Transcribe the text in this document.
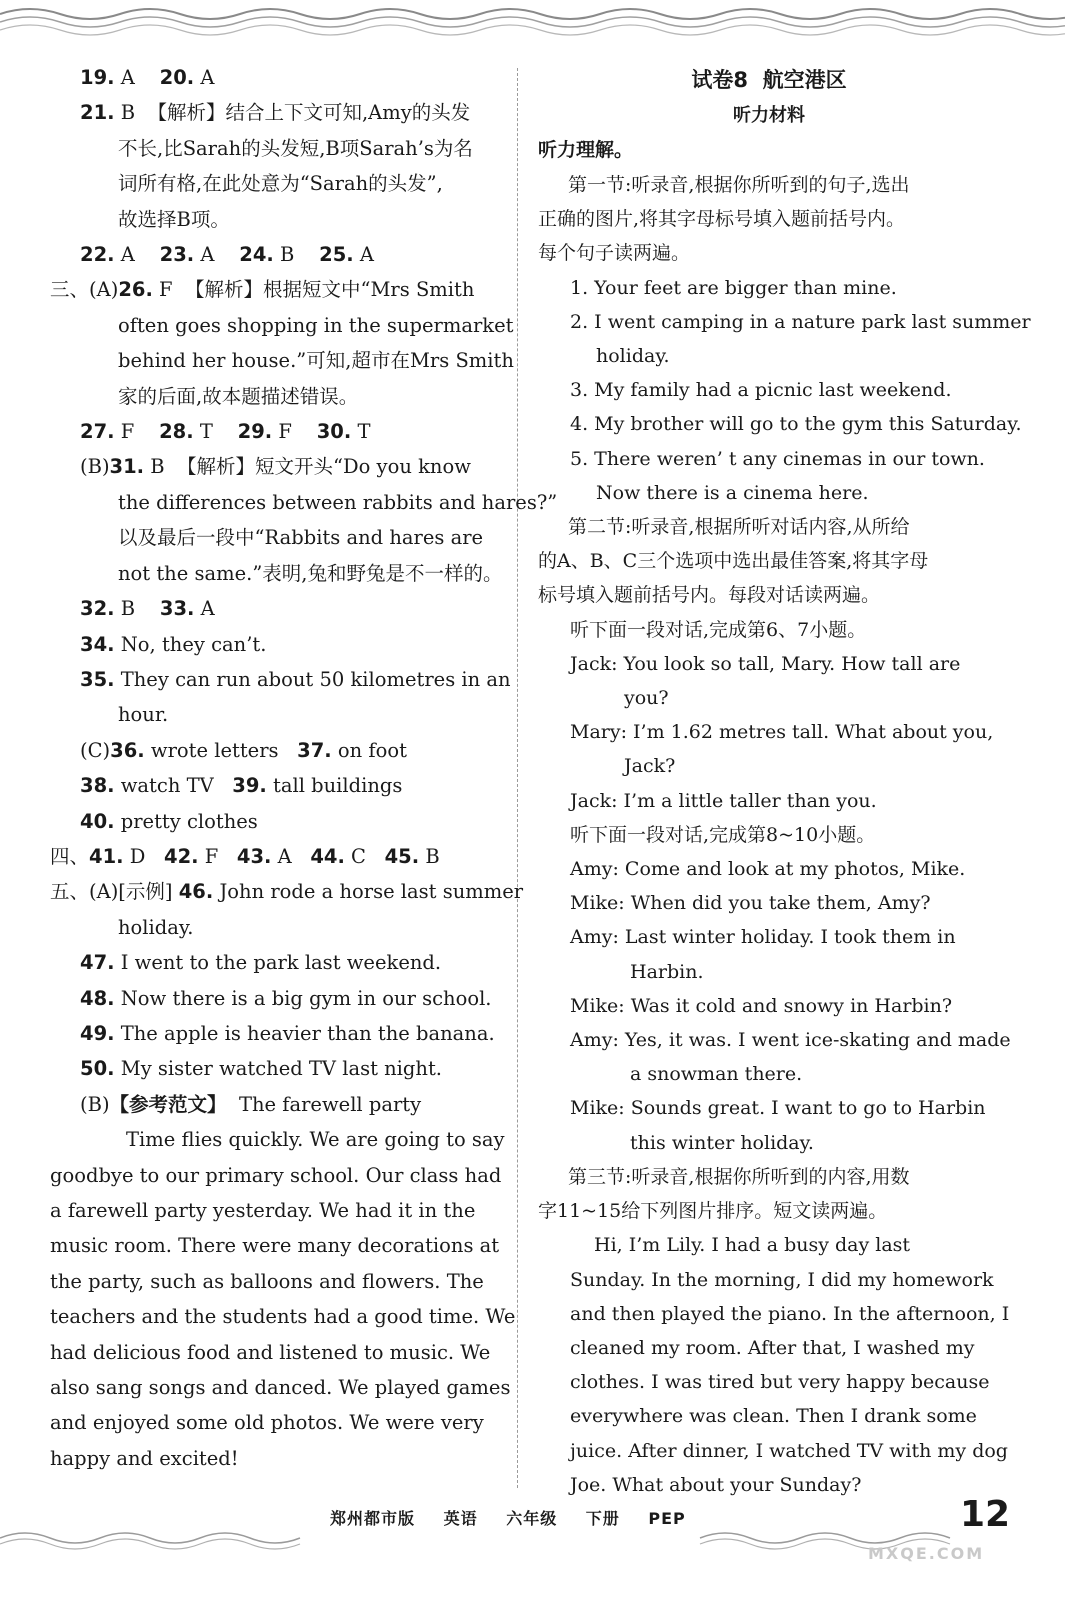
19. A    20. A
21. B  【解析】结合上下文可知,Amy的头发
不长,比Sarah的头发短,B项Sarah’s为名
词所有格,在此处意为“Sarah的头发”,
故选择B项。
22. A    23. A    24. B    25. A
三、(A)26. F  【解析】根据短文中“Mrs Smith
often goes shopping in the supermarket
behind her house.”可知,超市在Mrs Smith
家的后面,故本题描述错误。
27. F    28. T    29. F    30. T
(B)31. B  【解析】短文开头“Do you know
the differences between rabbits and hares?”
以及最后一段中“Rabbits and hares are
not the same.”表明,兔和野兔是不一样的。
32. B    33. A
34. No, they can’t.
35. They can run about 50 kilometres in an
hour.
(C)36. wrote letters   37. on foot
38. watch TV   39. tall buildings
40. pretty clothes
四、41. D   42. F   43. A   44. C   45. B
五、(A)[示例] 46. John rode a horse last summer
holiday.
47. I went to the park last weekend.
48. Now there is a big gym in our school.
49. The apple is heavier than the banana.
50. My sister watched TV last night.
(B)【参考范文】  The farewell party
Time flies quickly. We are going to say
goodbye to our primary school. Our class had
a farewell party yesterday. We had it in the
music room. There were many decorations at
the party, such as balloons and flowers. The
teachers and the students had a good time. We
had delicious food and listened to music. We
also sang songs and danced. We played games
and enjoyed some old photos. We were very
happy and excited!
试卷8  航空港区
听力材料
听力理解。
第一节:听录音,根据你所听到的句子,选出
正确的图片,将其字母标号填入题前括号内。
每个句子读两遍。
1. Your feet are bigger than mine.
2. I went camping in a nature park last summer
holiday.
3. My family had a picnic last weekend.
4. My brother will go to the gym this Saturday.
5. There weren’ t any cinemas in our town.
Now there is a cinema here.
第二节:听录音,根据所听对话内容,从所给
的A、B、C三个选项中选出最佳答案,将其字母
标号填入题前括号内。每段对话读两遍。
听下面一段对话,完成第6、7小题。
Jack: You look so tall, Mary. How tall are
you?
Mary: I’m 1.62 metres tall. What about you,
Jack?
Jack: I’m a little taller than you.
听下面一段对话,完成第8~10小题。
Amy: Come and look at my photos, Mike.
Mike: When did you take them, Amy?
Amy: Last winter holiday. I took them in
Harbin.
Mike: Was it cold and snowy in Harbin?
Amy: Yes, it was. I went ice-skating and made
a snowman there.
Mike: Sounds great. I want to go to Harbin
this winter holiday.
第三节:听录音,根据你所听到的内容,用数
字11~15给下列图片排序。短文读两遍。
Hi, I’m Lily. I had a busy day last
Sunday. In the morning, I did my homework
and then played the piano. In the afternoon, I
cleaned my room. After that, I washed my
clothes. I was tired but very happy because
everywhere was clean. Then I drank some
juice. After dinner, I watched TV with my dog
Joe. What about your Sunday?
郑州都市版 英语 六年级 下册 PEP	12
MXQE.COM
